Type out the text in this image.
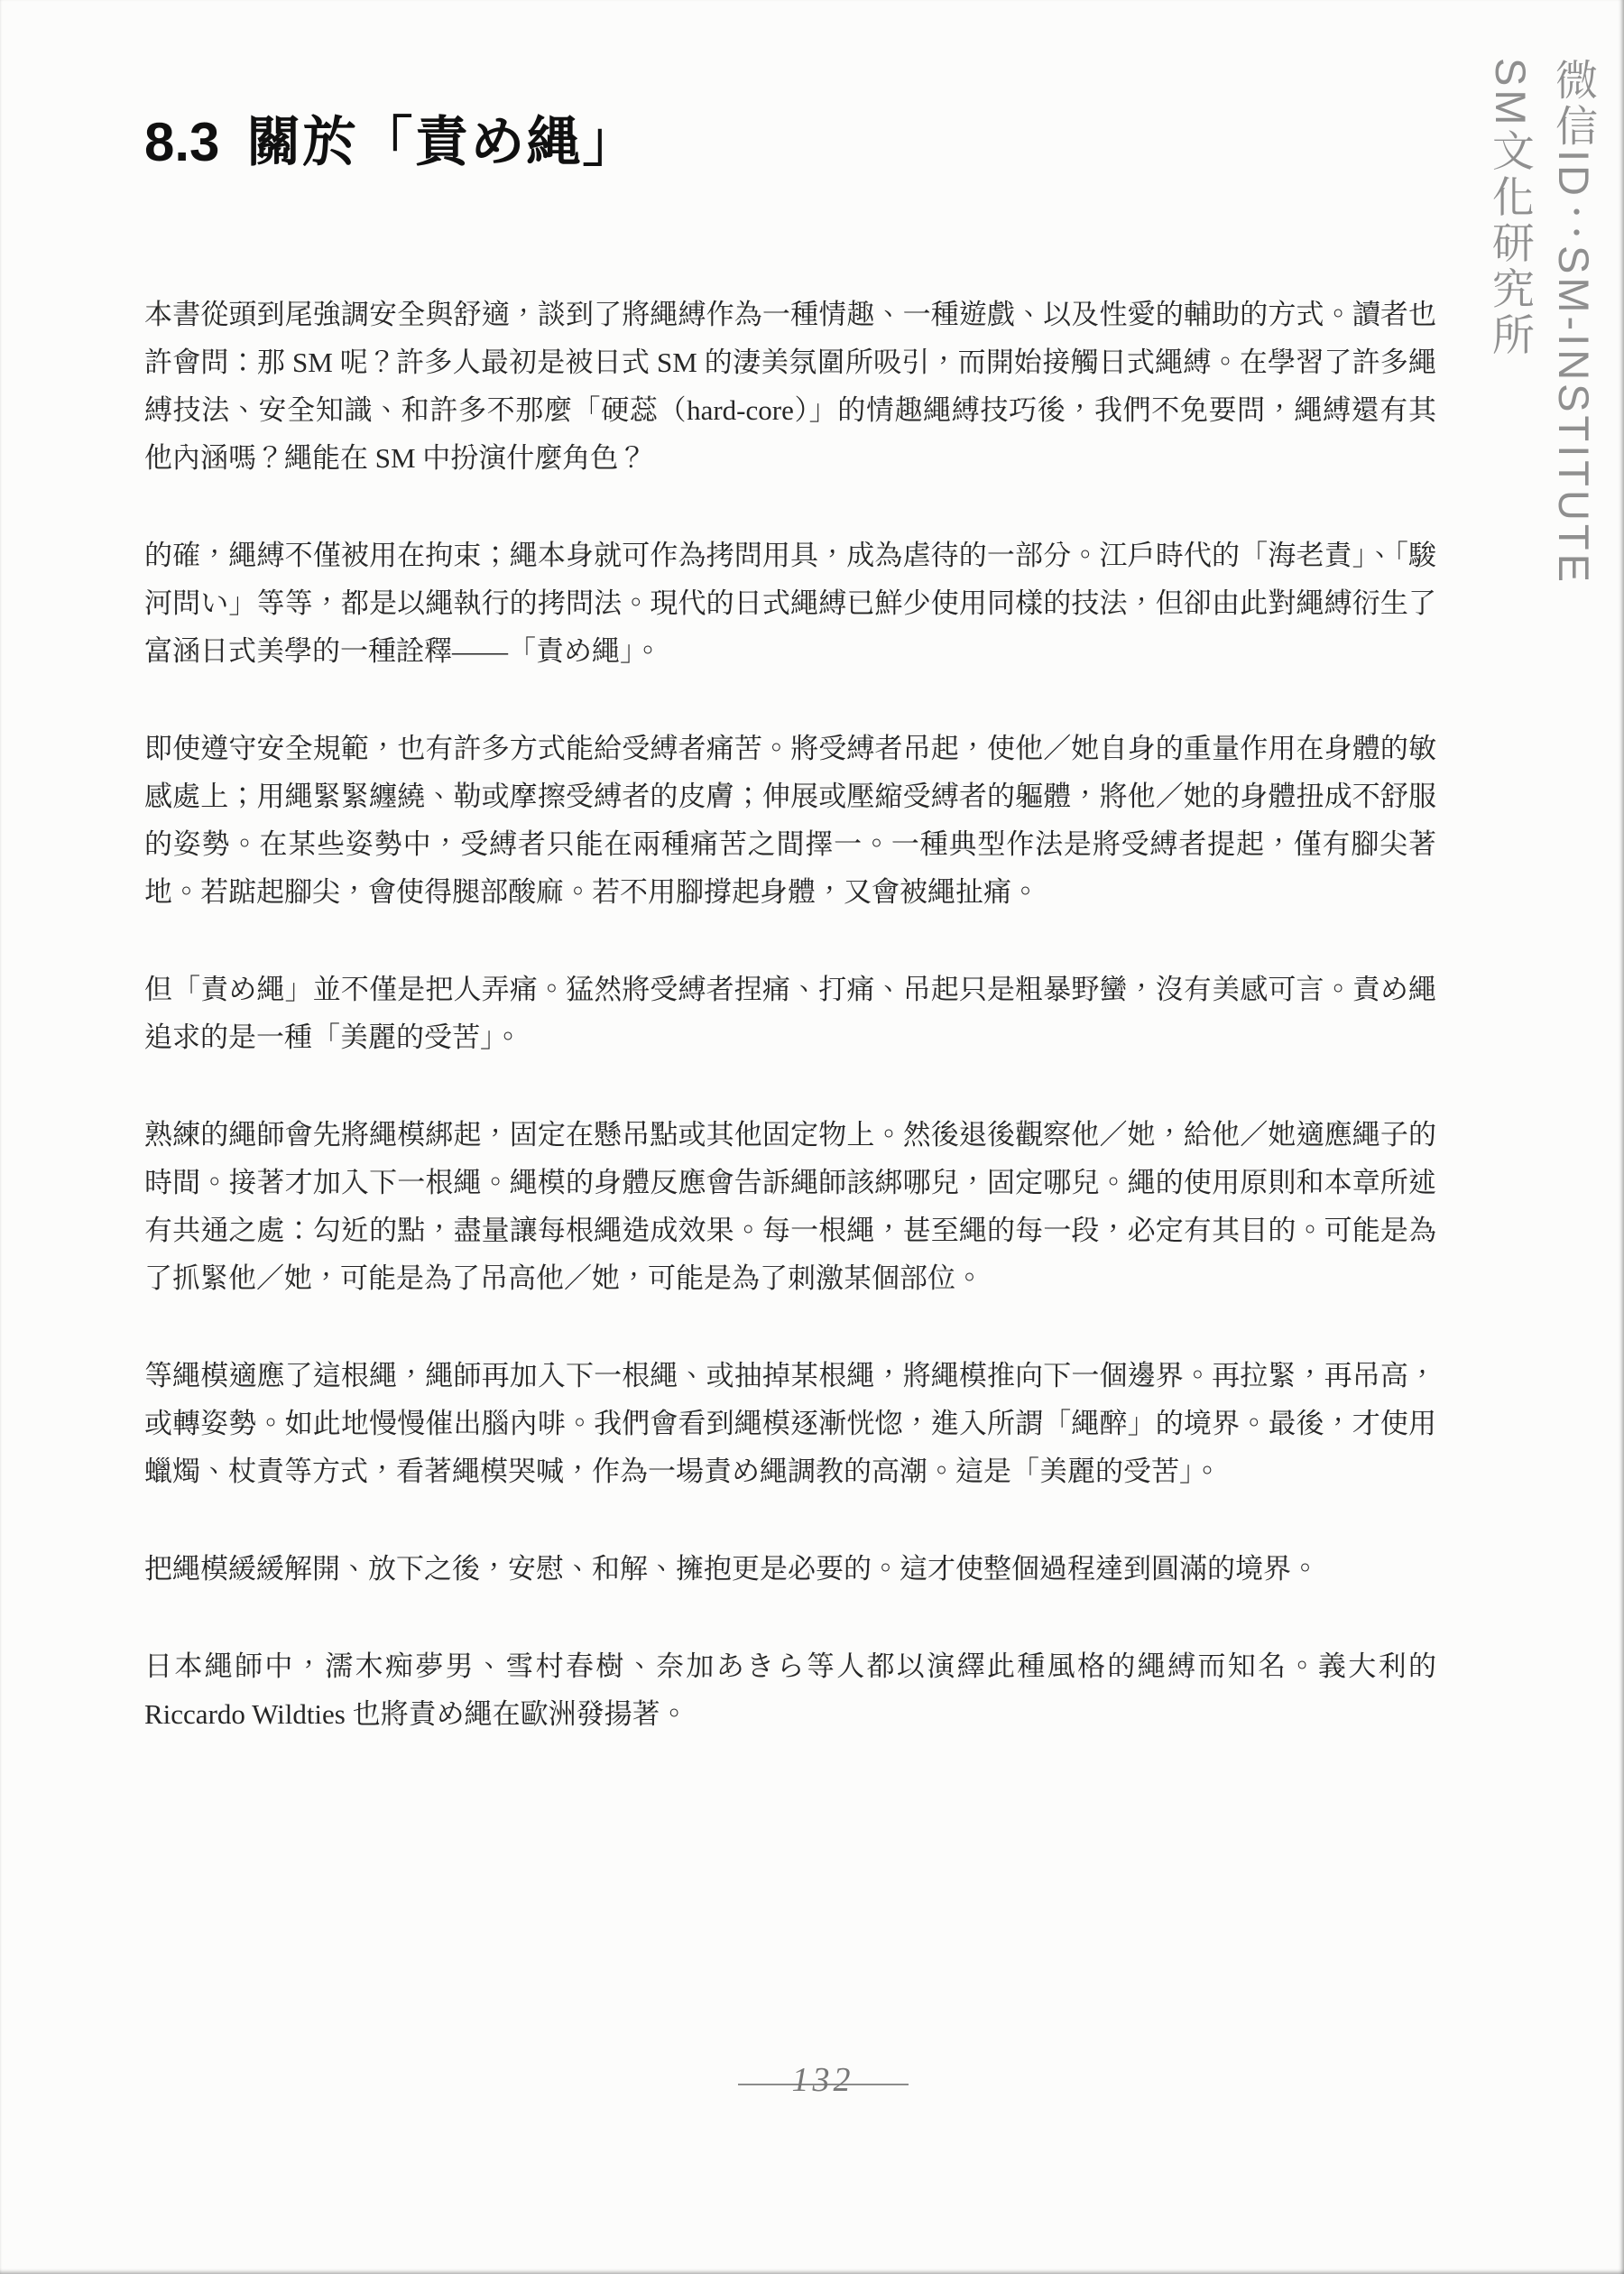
8.3 關於「責め縄」

本書從頭到尾強調安全與舒適，談到了將繩縛作為一種情趣、一種遊戲、以及性愛的輔助的方式。讀者也許會問：那 SM 呢？許多人最初是被日式 SM 的淒美氛圍所吸引，而開始接觸日式繩縛。在學習了許多繩縛技法、安全知識、和許多不那麼「硬蕊（hard-core）」的情趣繩縛技巧後，我們不免要問，繩縛還有其他內涵嗎？繩能在 SM 中扮演什麼角色？

的確，繩縛不僅被用在拘束；繩本身就可作為拷問用具，成為虐待的一部分。江戶時代的「海老責」、「駿河問い」等等，都是以繩執行的拷問法。現代的日式繩縛已鮮少使用同樣的技法，但卻由此對繩縛衍生了富涵日式美學的一種詮釋——「責め繩」。

即使遵守安全規範，也有許多方式能給受縛者痛苦。將受縛者吊起，使他／她自身的重量作用在身體的敏感處上；用繩緊緊纏繞、勒或摩擦受縛者的皮膚；伸展或壓縮受縛者的軀體，將他／她的身體扭成不舒服的姿勢。在某些姿勢中，受縛者只能在兩種痛苦之間擇一。一種典型作法是將受縛者提起，僅有腳尖著地。若踮起腳尖，會使得腿部酸麻。若不用腳撐起身體，又會被繩扯痛。

但「責め繩」並不僅是把人弄痛。猛然將受縛者捏痛、打痛、吊起只是粗暴野蠻，沒有美感可言。責め繩追求的是一種「美麗的受苦」。

熟練的繩師會先將繩模綁起，固定在懸吊點或其他固定物上。然後退後觀察他／她，給他／她適應繩子的時間。接著才加入下一根繩。繩模的身體反應會告訴繩師該綁哪兒，固定哪兒。繩的使用原則和本章所述有共通之處：勾近的點，盡量讓每根繩造成效果。每一根繩，甚至繩的每一段，必定有其目的。可能是為了抓緊他／她，可能是為了吊高他／她，可能是為了刺激某個部位。

等繩模適應了這根繩，繩師再加入下一根繩、或抽掉某根繩，將繩模推向下一個邊界。再拉緊，再吊高，或轉姿勢。如此地慢慢催出腦內啡。我們會看到繩模逐漸恍惚，進入所謂「繩醉」的境界。最後，才使用蠟燭、杖責等方式，看著繩模哭喊，作為一場責め繩調教的高潮。這是「美麗的受苦」。

把繩模緩緩解開、放下之後，安慰、和解、擁抱更是必要的。這才使整個過程達到圓滿的境界。

日本繩師中，濡木痴夢男、雪村春樹、奈加あきら等人都以演繹此種風格的繩縛而知名。義大利的 Riccardo Wildties 也將責め繩在歐洲發揚著。

微信ID：SM-INSTITUTE
SM文化研究所
132
